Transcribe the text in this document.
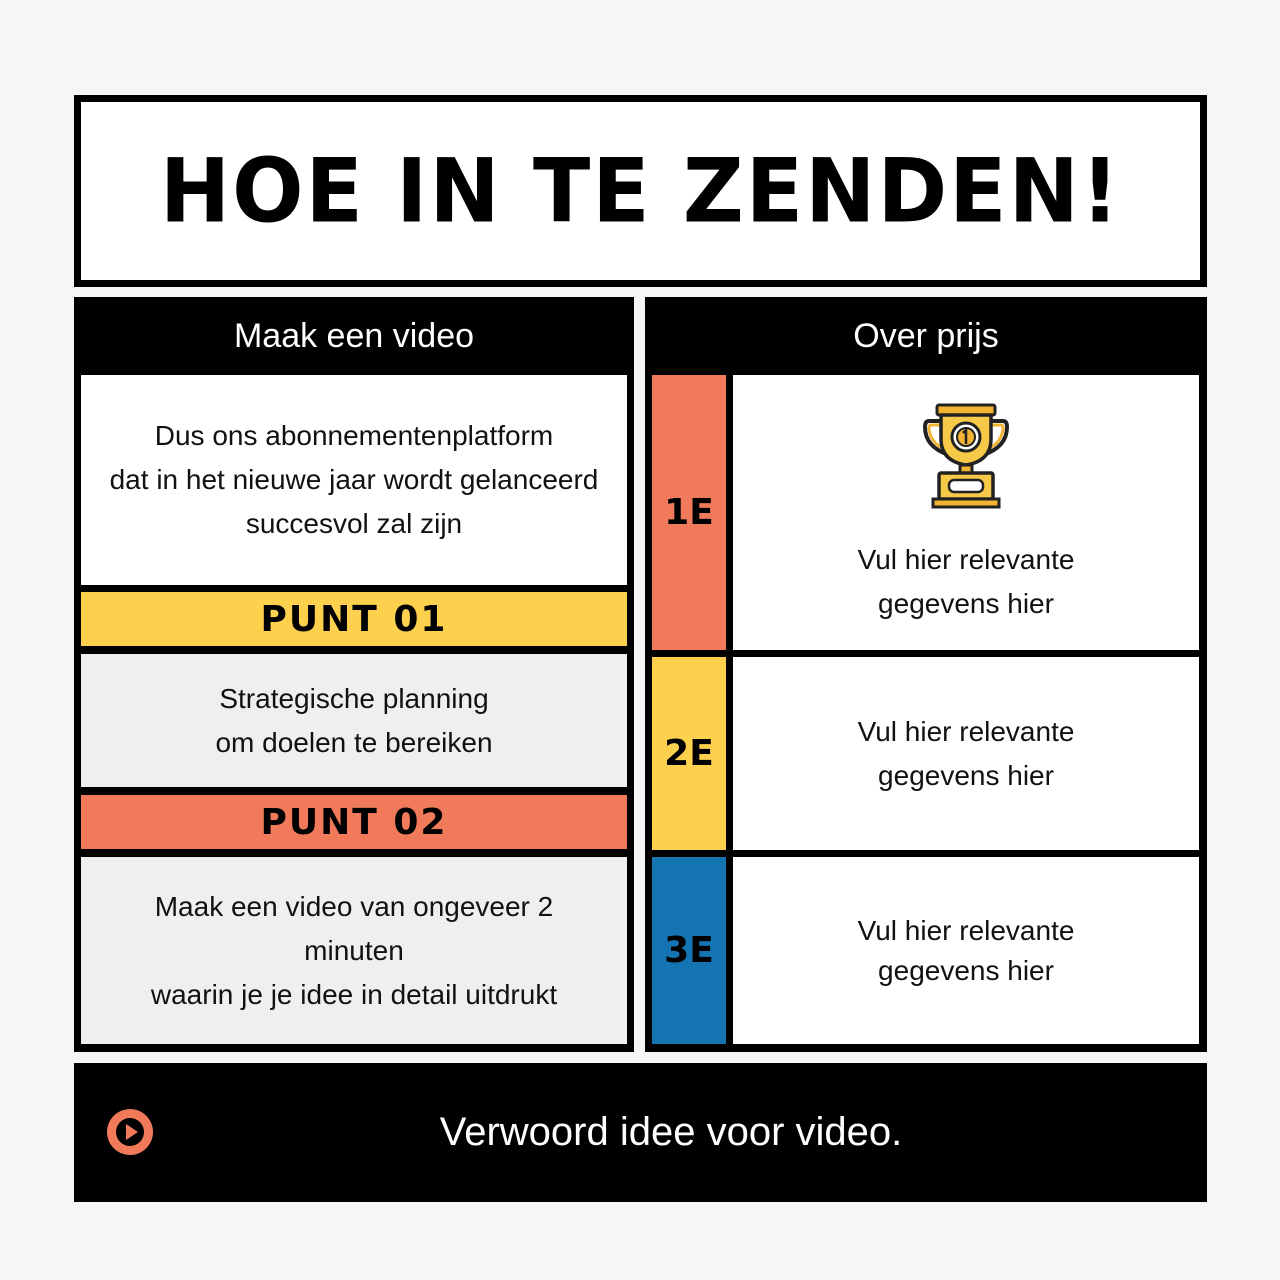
HOE IN TE ZENDEN!
Maak een video
Dus ons abonnementenplatform
dat in het nieuwe jaar wordt gelanceerd
succesvol zal zijn
PUNT 01
Strategische planning
om doelen te bereiken
PUNT 02
Maak een video van ongeveer 2
minuten
waarin je je idee in detail uitdrukt
Over prijs
1E
Vul hier relevante
gegevens hier
2E
Vul hier relevante
gegevens hier
3E	Vul hier relevante
gegevens hier
Verwoord idee voor video.
